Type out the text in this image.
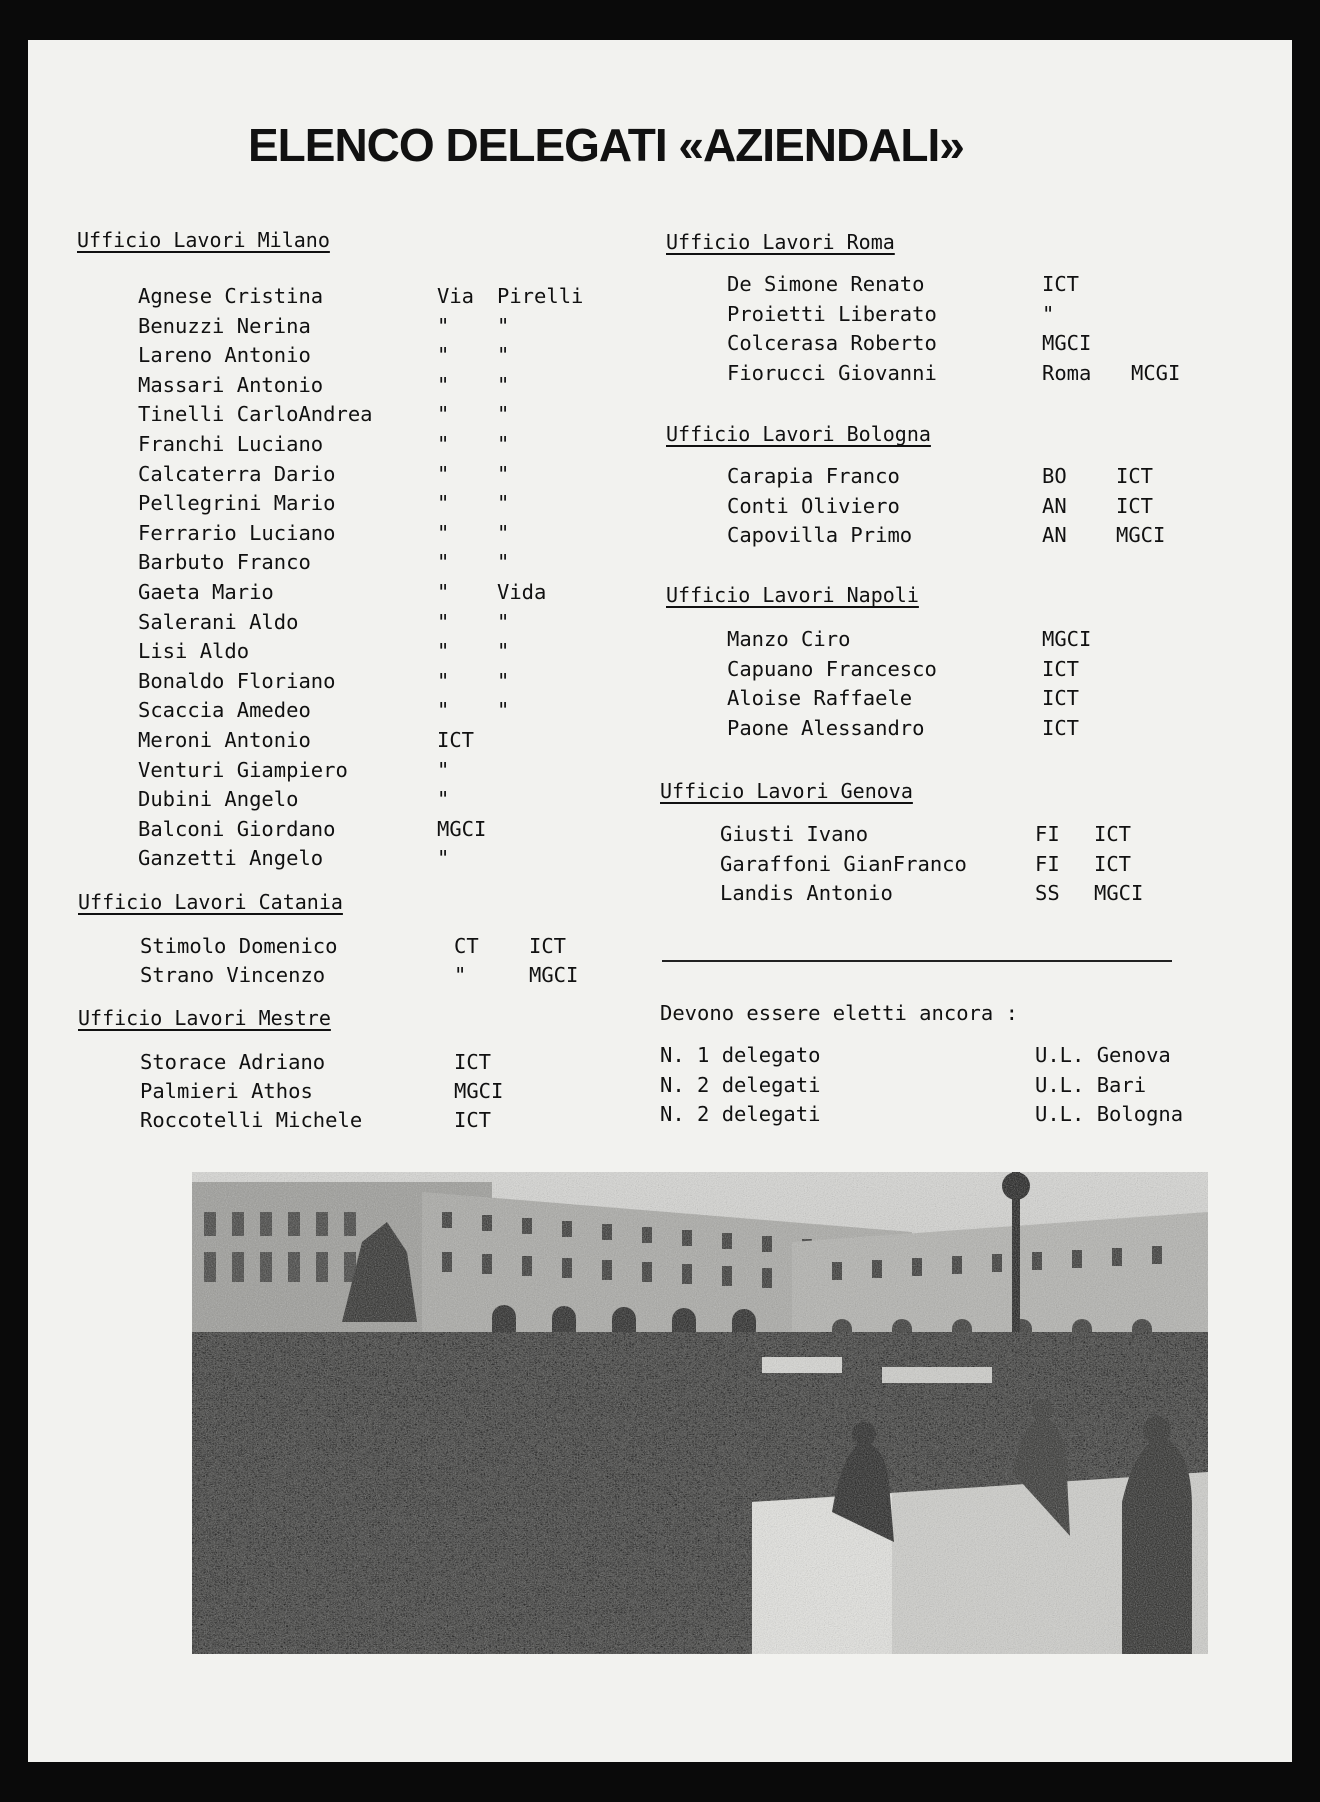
ELENCO DELEGATI «AZIENDALI»
Ufficio Lavori Milano
Agnese Cristina	Via Pirelli
Benuzzi Nerina	" "
Lareno Antonio	" "
Massari Antonio	" "
Tinelli CarloAndrea	" "
Franchi Luciano	" "
Calcaterra Dario	" "
Pellegrini Mario	" "
Ferrario Luciano	" "
Barbuto Franco	" "
Gaeta Mario	" Vida
Salerani Aldo	" "
Lisi Aldo	" "
Bonaldo Floriano	" "
Scaccia Amedeo	" "
Meroni Antonio	ICT
Venturi Giampiero	"
Dubini Angelo	"
Balconi Giordano	MGCI
Ganzetti Angelo	"
Ufficio Lavori Catania
Stimolo Domenico	CT ICT
Strano Vincenzo	"	MGCI
Ufficio Lavori Mestre
Storace Adriano	ICT
Palmieri Athos	MGCI
Roccotelli Michele	ICT
Ufficio Lavori Roma
De Simone Renato	ICT
Proietti Liberato	"
Colcerasa Roberto	MGCI
Fiorucci Giovanni	Roma MCGI
Ufficio Lavori Bologna
Carapia Franco	BO ICT
Conti Oliviero	AN ICT
Capovilla Primo	AN MGCI
Ufficio Lavori Napoli
Manzo Ciro	MGCI
Capuano Francesco	ICT
Aloise Raffaele	ICT
Paone Alessandro	ICT
Ufficio Lavori Genova
Giusti Ivano	FI ICT
Garaffoni GianFranco	FI ICT
Landis Antonio	SS MGCI
Devono essere eletti ancora :
N. 1 delegato	U.L. Genova
N. 2 delegati	U.L. Bari
N. 2 delegati	U.L. Bologna
